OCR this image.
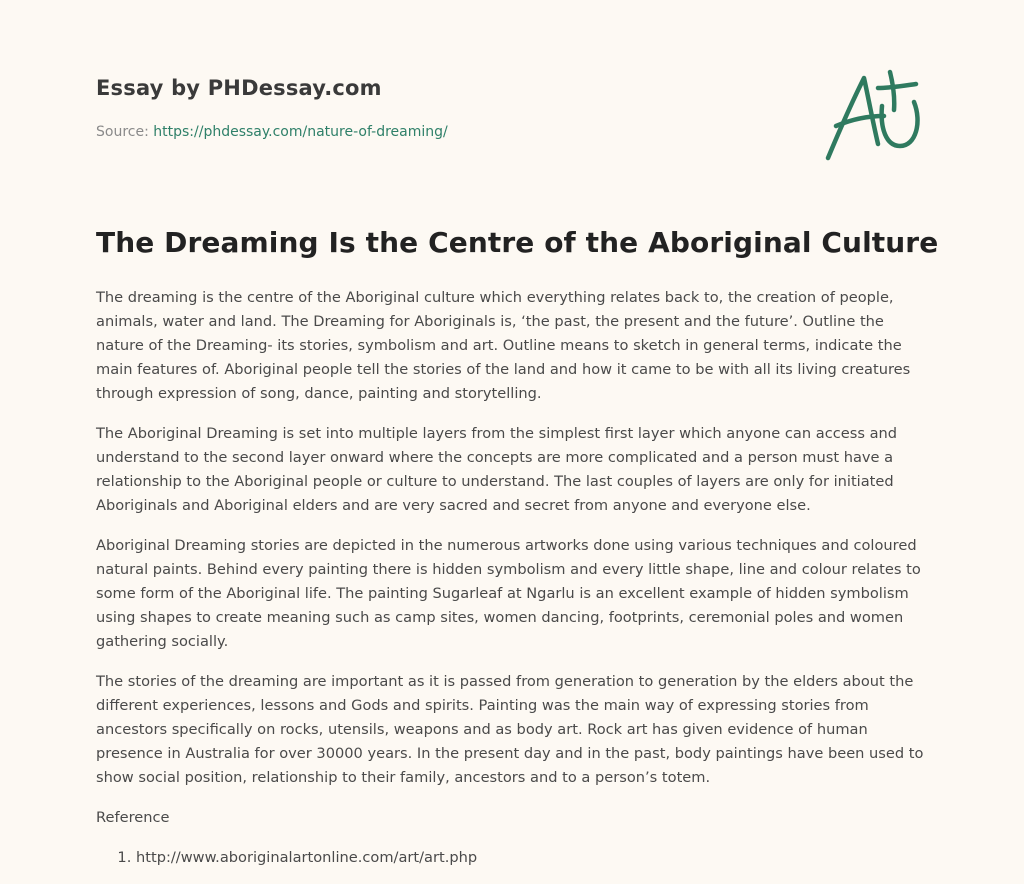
Essay by PHDessay.com

Source: https://phdessay.com/nature-of-dreaming/

The Dreaming Is the Centre of the Aboriginal Culture

The dreaming is the centre of the Aboriginal culture which everything relates back to, the creation of people, animals, water and land. The Dreaming for Aboriginals is, ‘the past, the present and the future’. Outline the nature of the Dreaming- its stories, symbolism and art. Outline means to sketch in general terms, indicate the main features of. Aboriginal people tell the stories of the land and how it came to be with all its living creatures through expression of song, dance, painting and storytelling.

The Aboriginal Dreaming is set into multiple layers from the simplest first layer which anyone can access and understand to the second layer onward where the concepts are more complicated and a person must have a relationship to the Aboriginal people or culture to understand. The last couples of layers are only for initiated Aboriginals and Aboriginal elders and are very sacred and secret from anyone and everyone else.

Aboriginal Dreaming stories are depicted in the numerous artworks done using various techniques and coloured natural paints. Behind every painting there is hidden symbolism and every little shape, line and colour relates to some form of the Aboriginal life. The painting Sugarleaf at Ngarlu is an excellent example of hidden symbolism using shapes to create meaning such as camp sites, women dancing, footprints, ceremonial poles and women gathering socially.

The stories of the dreaming are important as it is passed from generation to generation by the elders about the different experiences, lessons and Gods and spirits. Painting was the main way of expressing stories from ancestors specifically on rocks, utensils, weapons and as body art. Rock art has given evidence of human presence in Australia for over 30000 years. In the present day and in the past, body paintings have been used to show social position, relationship to their family, ancestors and to a person’s totem.

Reference

1. http://www.aboriginalartonline.com/art/art.php
